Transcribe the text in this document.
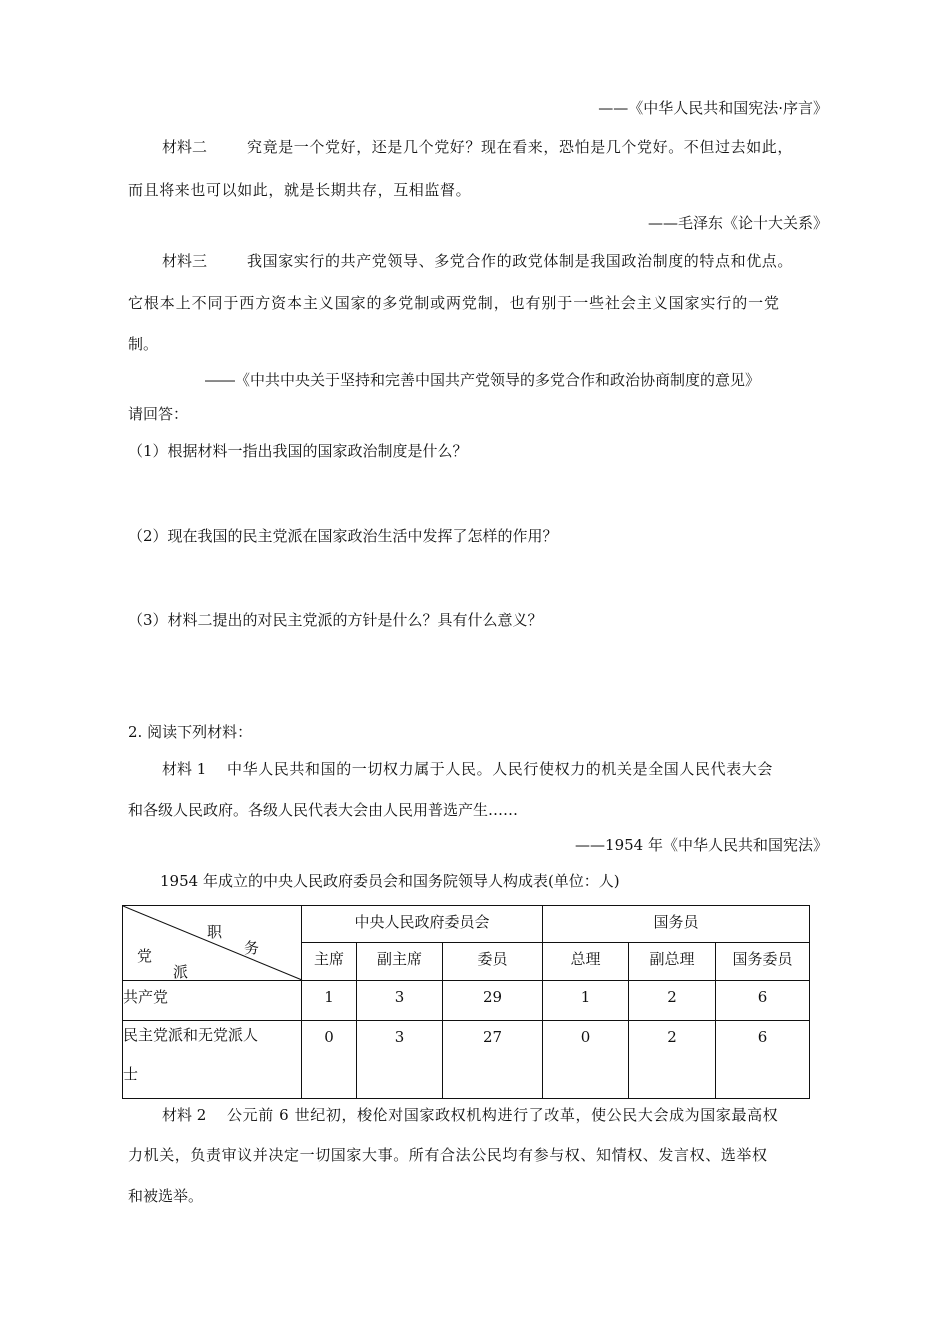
——《中华人民共和国宪法·序言》
材料二	究竟是一个党好，还是几个党好？现在看来，恐怕是几个党好。不但过去如此，
而且将来也可以如此，就是长期共存，互相监督。
——毛泽东《论十大关系》
材料三	我国家实行的共产党领导、多党合作的政党体制是我国政治制度的特点和优点。
它根本上不同于西方资本主义国家的多党制或两党制，也有别于一些社会主义国家实行的一党
制。
――《中共中央关于坚持和完善中国共产党领导的多党合作和政治协商制度的意见》
请回答：
（1）根据材料一指出我国的国家政治制度是什么？
（2）现在我国的民主党派在国家政治生活中发挥了怎样的作用？
（3）材料二提出的对民主党派的方针是什么？具有什么意义？
2. 阅读下列材料：
材料 1 中华人民共和国的一切权力属于人民。人民行使权力的机关是全国人民代表大会
和各级人民政府。各级人民代表大会由人民用普选产生……
——1954 年《中华人民共和国宪法》
1954 年成立的中央人民政府委员会和国务院领导人构成表(单位：人)
职
务
党
派	中央人民政府委员会			国务员		
	主席	副主席	委员	总理	副总理	国务委员
共产党	1	3	29	1	2	6

民主党派和无党派人
士	0	3	27	0	2	6
材料 2 公元前 6 世纪初，梭伦对国家政权机构进行了改革，使公民大会成为国家最高权
力机关，负责审议并决定一切国家大事。所有合法公民均有参与权、知情权、发言权、选举权
和被选举。
